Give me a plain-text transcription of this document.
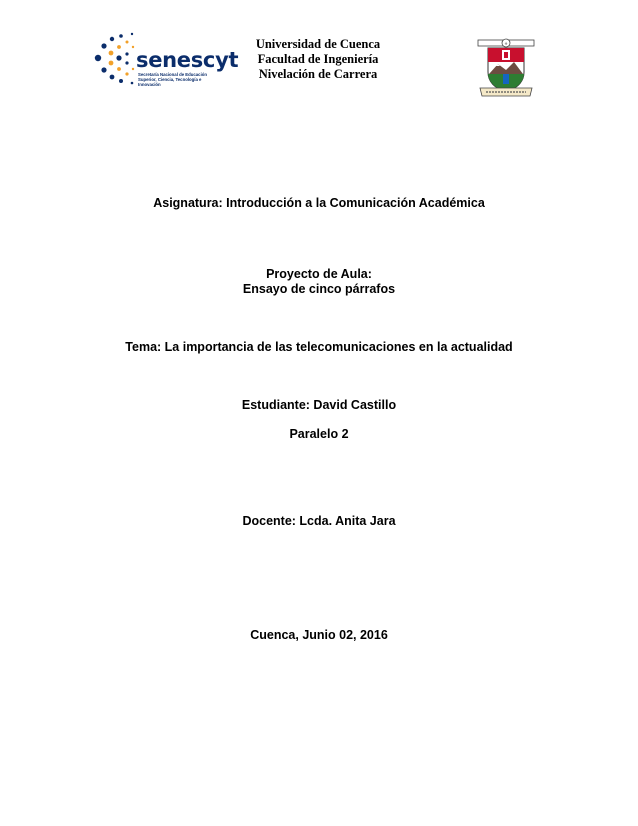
senescyt
Secretaría Nacional de Educación Superior, Ciencia, Tecnología e Innovación
Universidad de Cuenca
Facultad de Ingeniería
Nivelación de Carrera
⚜
Asignatura: Introducción a la Comunicación Académica
Proyecto de Aula:
Ensayo de cinco párrafos
Tema: La importancia de las telecomunicaciones en la actualidad
Estudiante: David Castillo
Paralelo 2
Docente: Lcda. Anita Jara
Cuenca, Junio 02, 2016
